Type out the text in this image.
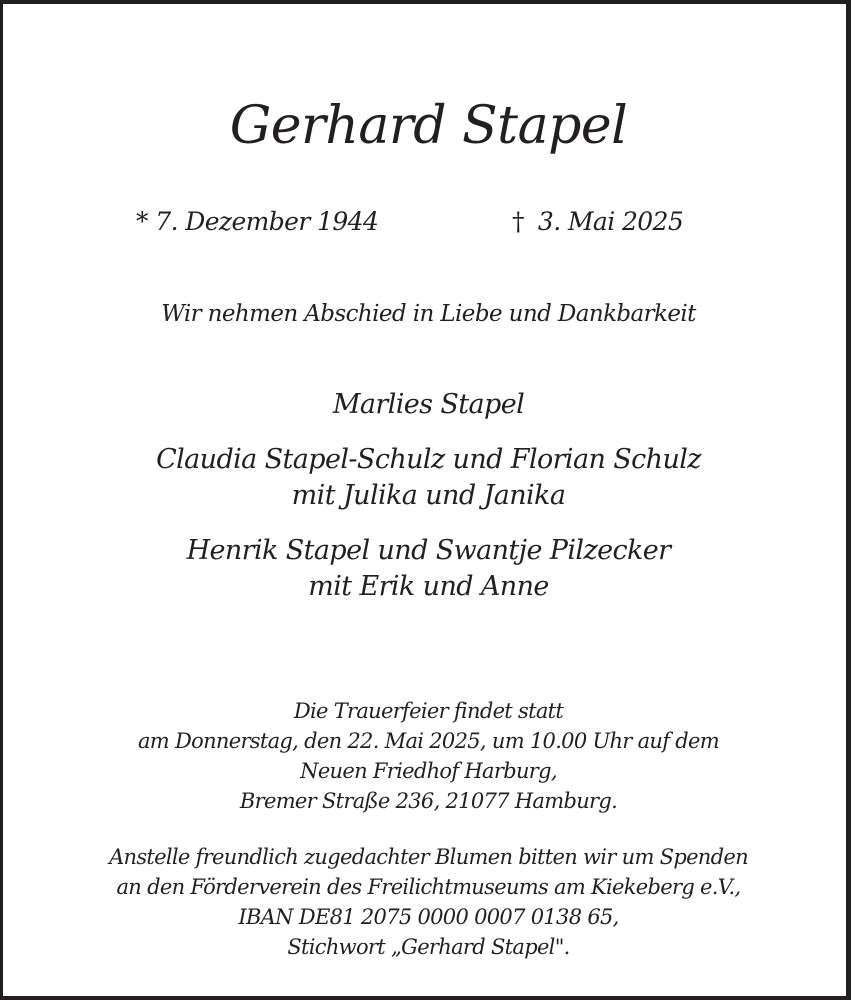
Gerhard Stapel
* 7. Dezember 1944	† 3. Mai 2025
Wir nehmen Abschied in Liebe und Dankbarkeit
Marlies Stapel
Claudia Stapel-Schulz und Florian Schulz
mit Julika und Janika
Henrik Stapel und Swantje Pilzecker
mit Erik und Anne
Die Trauerfeier findet statt
am Donnerstag, den 22. Mai 2025, um 10.00 Uhr auf dem
Neuen Friedhof Harburg,
Bremer Straße 236, 21077 Hamburg.
Anstelle freundlich zugedachter Blumen bitten wir um Spenden
an den Förderverein des Freilichtmuseums am Kiekeberg e.V.,
IBAN DE81 2075 0000 0007 0138 65,
Stichwort „Gerhard Stapel".
